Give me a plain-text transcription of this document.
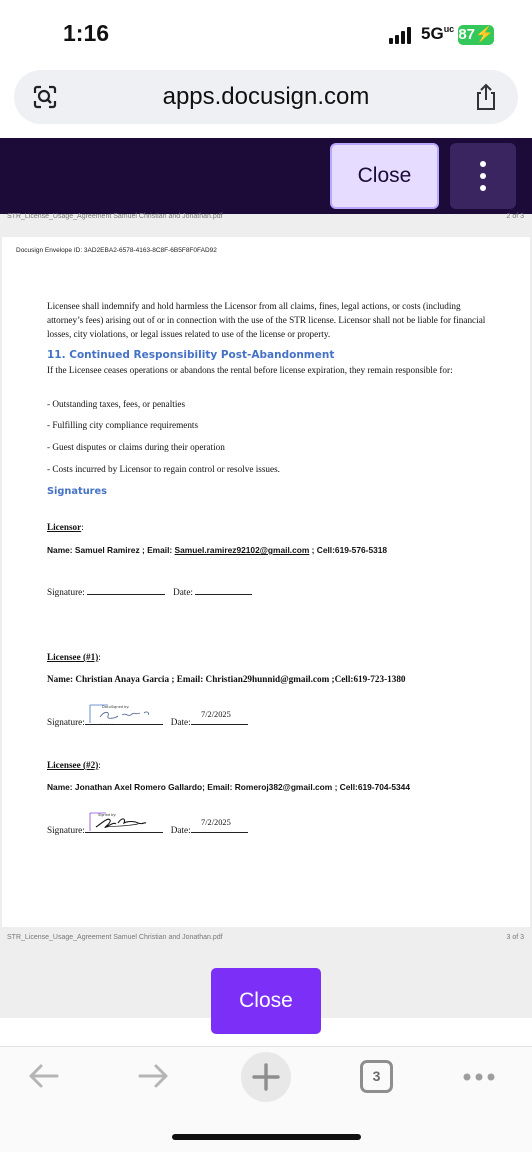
1:16	$5G^{uc}$ 87⚡
apps.docusign.com
Close
STR_License_Usage_Agreement Samuel Christian and Jonathan.pdf	2 of 3
Docusign Envelope ID: 3AD2EBA2-6578-4163-8C8F-6B5F8F0FAD92
Licensee shall indemnify and hold harmless the Licensor from all claims, fines, legal actions, or costs (including attorney’s fees) arising out of or in connection with the use of the STR license. Licensor shall not be liable for financial losses, city violations, or legal issues related to use of the license or property.
11. Continued Responsibility Post-Abandonment
If the Licensee ceases operations or abandons the rental before license expiration, they remain responsible for:
- Outstanding taxes, fees, or penalties
- Fulfilling city compliance requirements
- Guest disputes or claims during their operation
- Costs incurred by Licensor to regain control or resolve issues.
Signatures
Licensor:
Name: Samuel Ramirez ; Email: Samuel.ramirez92102@gmail.com ; Cell:619-576-5318
Signature:	Date:
Licensee (#1):
Name: Christian Anaya Garcia ; Email: Christian29hunnid@gmail.com ;Cell:619-723-1380
Signature:	Date:
7/2/2025
DocuSigned by:
- - - - - - -
Licensee (#2):
Name: Jonathan Axel Romero Gallardo; Email: Romeroj382@gmail.com ; Cell:619-704-5344
Signature:	Date:
7/2/2025
Signed by:
STR_License_Usage_Agreement Samuel Christian and Jonathan.pdf	3 of 3
Close
3
